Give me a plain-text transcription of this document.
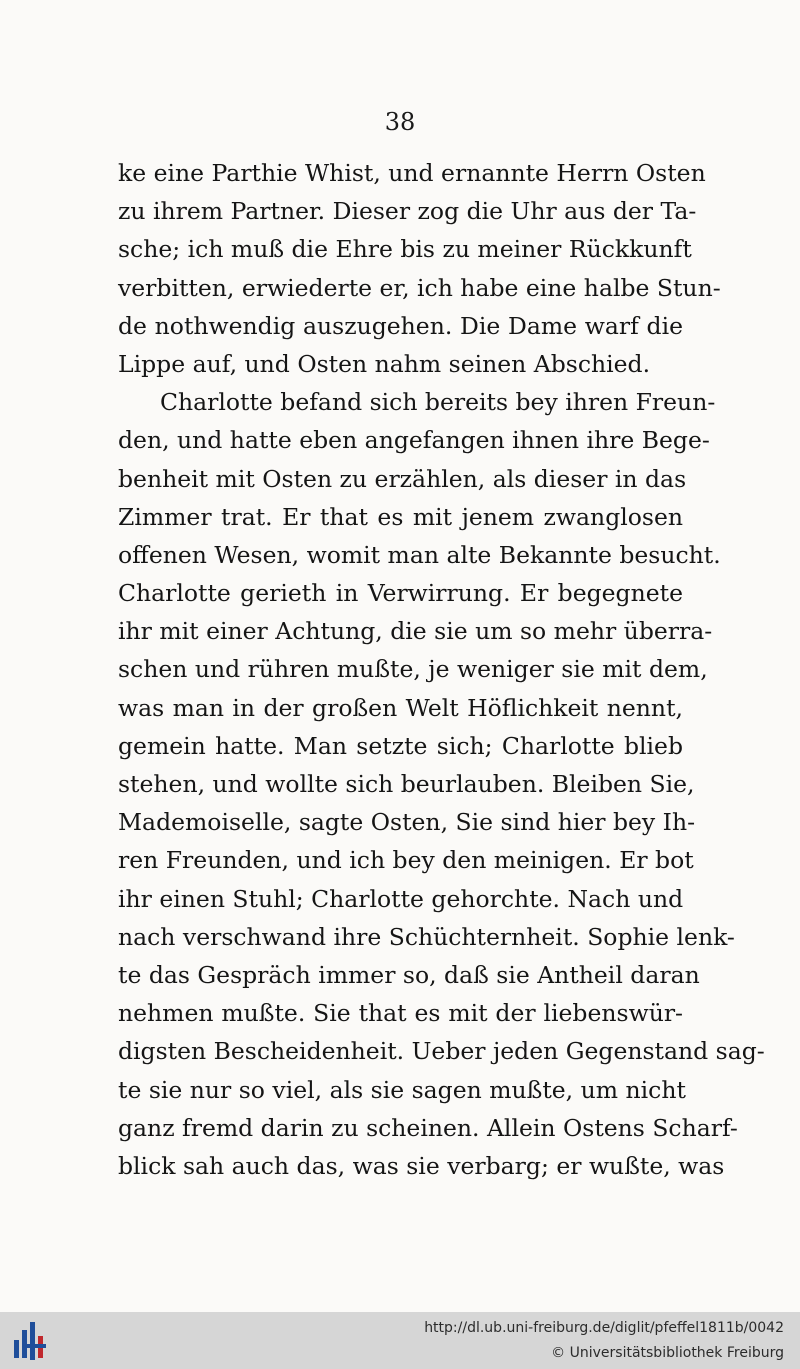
38
ke eine Parthie Whist, und ernannte Herrn Osten
zu ihrem Partner. Dieser zog die Uhr aus der Ta-
sche; ich muß die Ehre bis zu meiner Rückkunft
verbitten, erwiederte er, ich habe eine halbe Stun-
de nothwendig auszugehen. Die Dame warf die
Lippe auf, und Osten nahm seinen Abschied.
Charlotte befand sich bereits bey ihren Freun-
den, und hatte eben angefangen ihnen ihre Bege-
benheit mit Osten zu erzählen, als dieser in das
Zimmer trat. Er that es mit jenem zwanglosen
offenen Wesen, womit man alte Bekannte besucht.
Charlotte gerieth in Verwirrung. Er begegnete
ihr mit einer Achtung, die sie um so mehr überra-
schen und rühren mußte, je weniger sie mit dem,
was man in der großen Welt Höflichkeit nennt,
gemein hatte. Man setzte sich; Charlotte blieb
stehen, und wollte sich beurlauben. Bleiben Sie,
Mademoiselle, sagte Osten, Sie sind hier bey Ih-
ren Freunden, und ich bey den meinigen. Er bot
ihr einen Stuhl; Charlotte gehorchte. Nach und
nach verschwand ihre Schüchternheit. Sophie lenk-
te das Gespräch immer so, daß sie Antheil daran
nehmen mußte. Sie that es mit der liebenswür-
digsten Bescheidenheit. Ueber jeden Gegenstand sag-
te sie nur so viel, als sie sagen mußte, um nicht
ganz fremd darin zu scheinen. Allein Ostens Scharf-
blick sah auch das, was sie verbarg; er wußte, was
http://dl.ub.uni-freiburg.de/diglit/pfeffel1811b/0042
© Universitätsbibliothek Freiburg
